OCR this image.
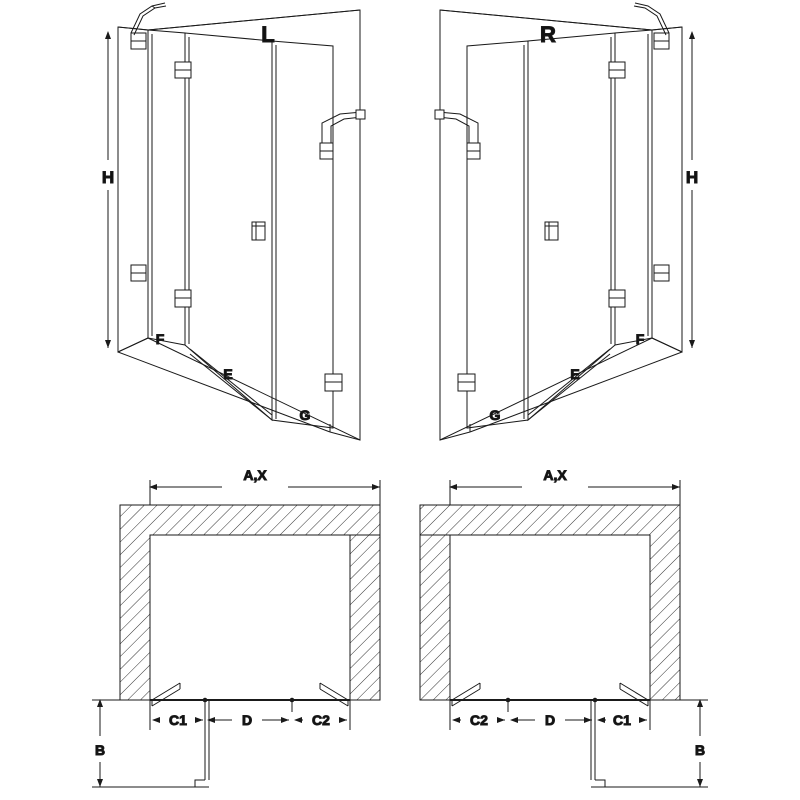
H
L
F
E
G
H
R
F
E
G
A,X
C1	D	C2
B
A,X
C2	D	C1
B
